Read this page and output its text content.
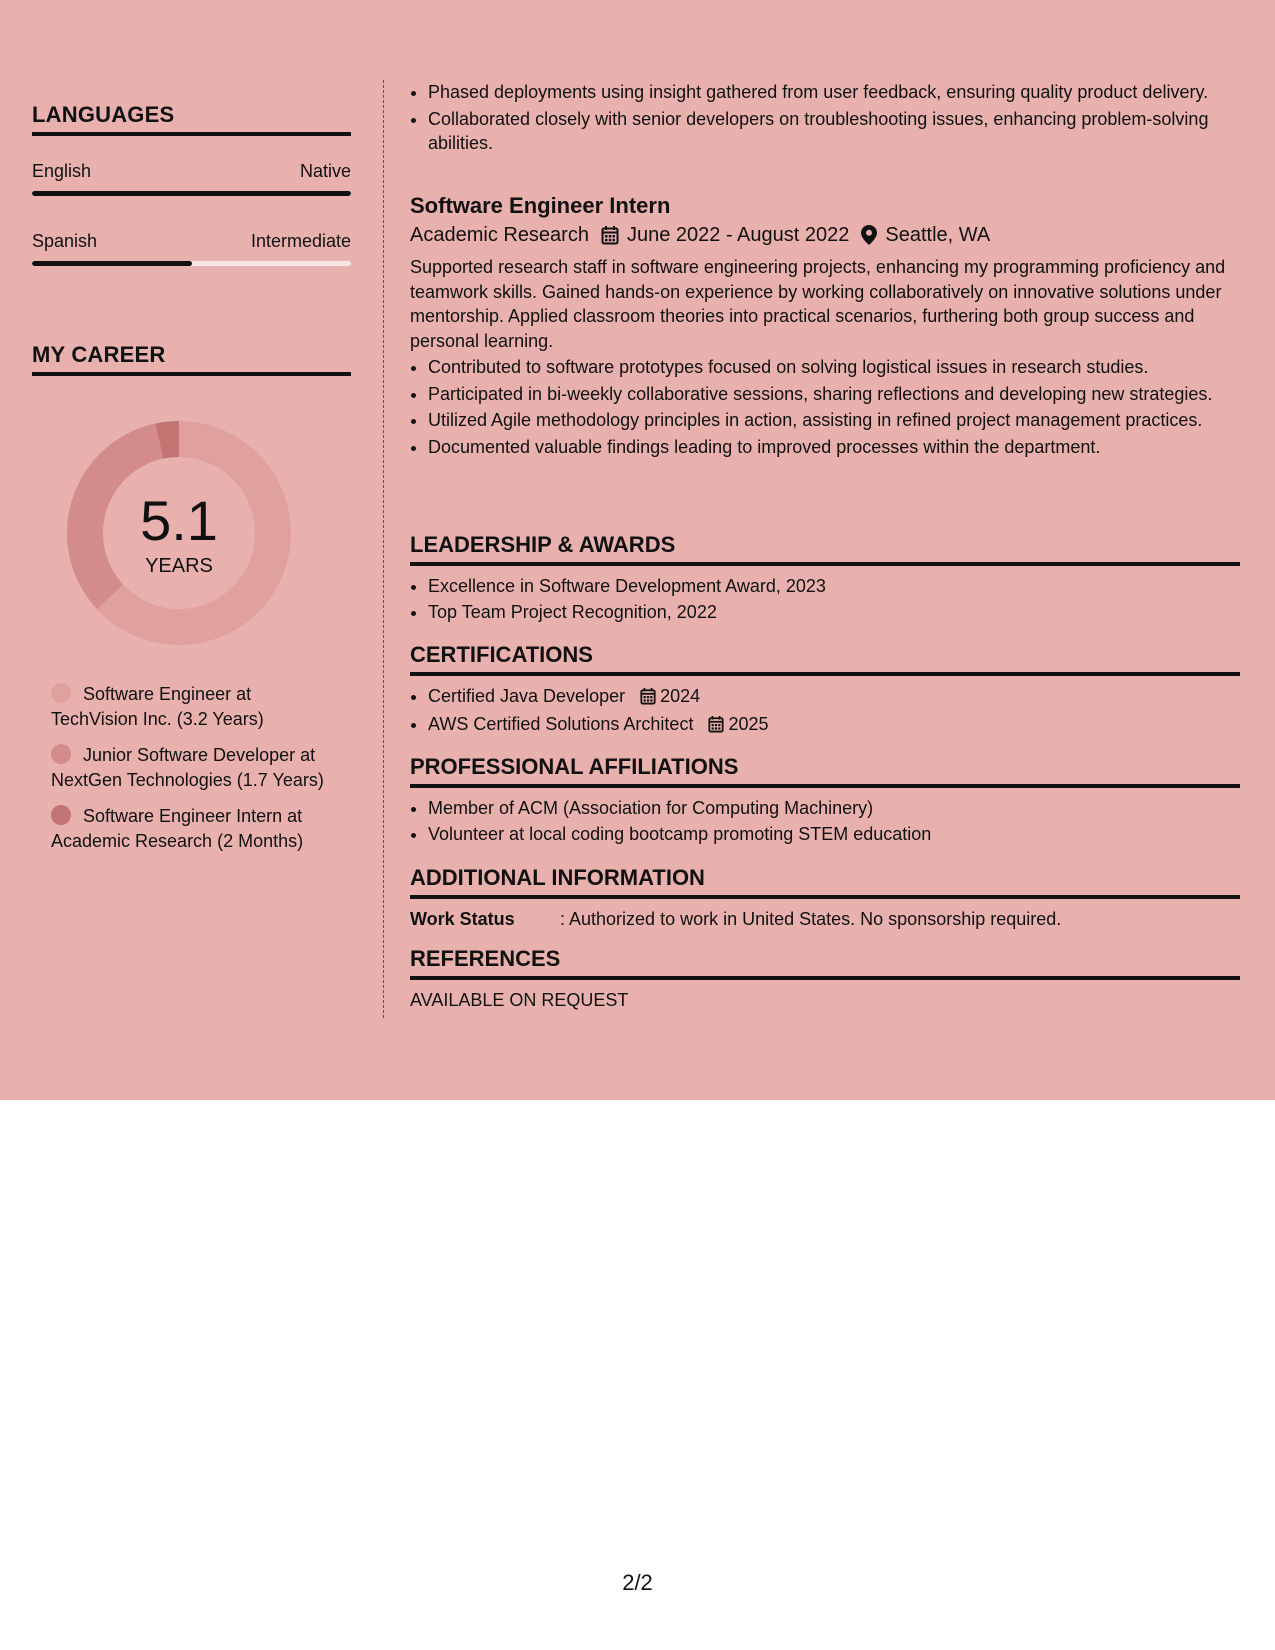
LANGUAGES
English	Native
Spanish	Intermediate
MY CAREER
5.1
YEARS
Software Engineer at TechVision Inc. (3.2 Years)
Junior Software Developer at NextGen Technologies (1.7 Years)
Software Engineer Intern at Academic Research (2 Months)
• Phased deployments using insight gathered from user feedback, ensuring quality product delivery.
• Collaborated closely with senior developers on troubleshooting issues, enhancing problem-solving abilities.
Software Engineer Intern
Academic Research June 2022 - August 2022 Seattle, WA
Supported research staff in software engineering projects, enhancing my programming proficiency and teamwork skills. Gained hands-on experience by working collaboratively on innovative solutions under mentorship. Applied classroom theories into practical scenarios, furthering both group success and personal learning.
• Contributed to software prototypes focused on solving logistical issues in research studies.
• Participated in bi-weekly collaborative sessions, sharing reflections and developing new strategies.
• Utilized Agile methodology principles in action, assisting in refined project management practices.
• Documented valuable findings leading to improved processes within the department.
LEADERSHIP & AWARDS
• Excellence in Software Development Award, 2023
• Top Team Project Recognition, 2022
CERTIFICATIONS
• Certified Java Developer 2024
• AWS Certified Solutions Architect 2025
PROFESSIONAL AFFILIATIONS
• Member of ACM (Association for Computing Machinery)
• Volunteer at local coding bootcamp promoting STEM education
ADDITIONAL INFORMATION
Work Status	: Authorized to work in United States. No sponsorship required.
REFERENCES
AVAILABLE ON REQUEST
2/2
